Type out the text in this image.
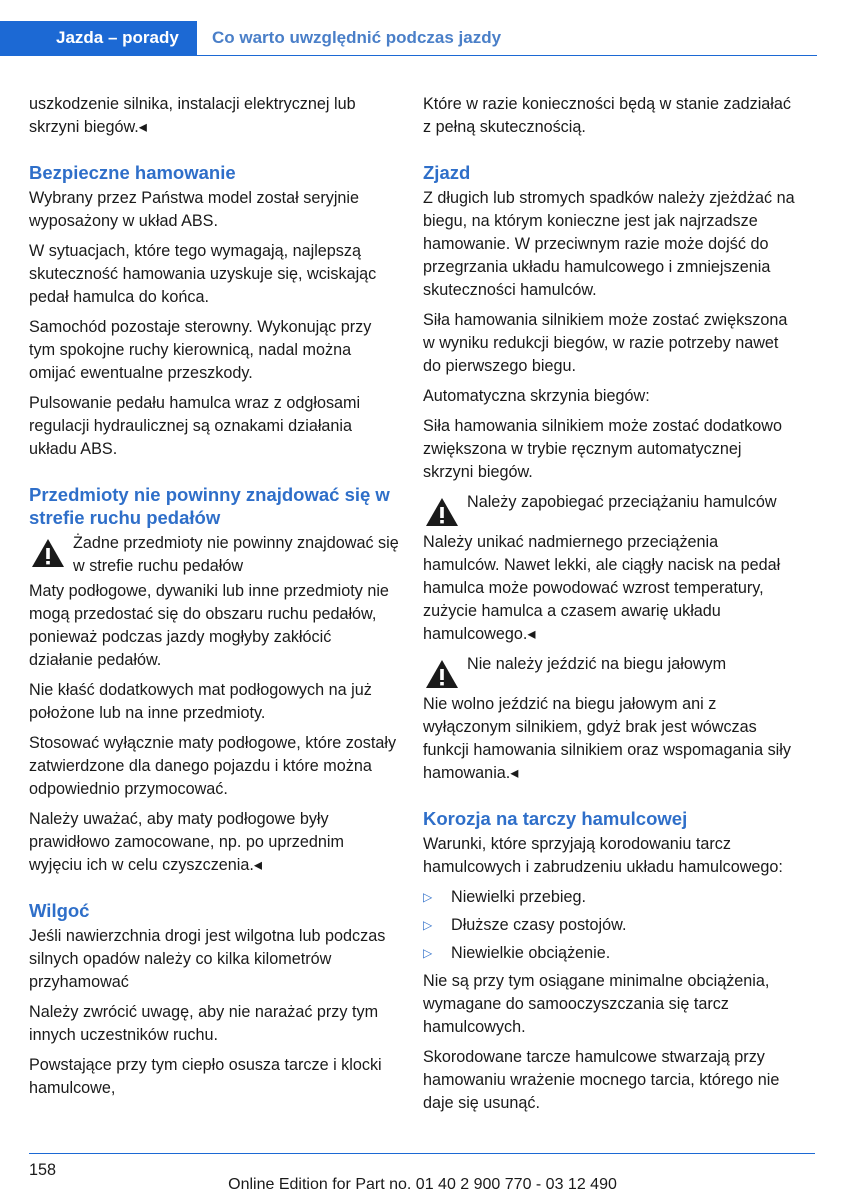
Jazda – porady Co warto uwzględnić podczas jazdy

uszkodzenie silnika, instalacji elektrycznej lub skrzyni biegów.◂

Bezpieczne hamowanie

Wybrany przez Państwa model został seryjnie wyposażony w układ ABS.

W sytuacjach, które tego wymagają, najlepszą skuteczność hamowania uzyskuje się, wciskając pedał hamulca do końca.

Samochód pozostaje sterowny. Wykonując przy tym spokojne ruchy kierownicą, nadal można omijać ewentualne przeszkody.

Pulsowanie pedału hamulca wraz z odgłosami regulacji hydraulicznej są oznakami działania układu ABS.

Przedmioty nie powinny znajdować się w strefie ruchu pedałów

Żadne przedmioty nie powinny znajdować się w strefie ruchu pedałów

Maty podłogowe, dywaniki lub inne przedmioty nie mogą przedostać się do obszaru ruchu pedałów, ponieważ podczas jazdy mogłyby zakłócić działanie pedałów.

Nie kłaść dodatkowych mat podłogowych na już położone lub na inne przedmioty.

Stosować wyłącznie maty podłogowe, które zostały zatwierdzone dla danego pojazdu i które można odpowiednio przymocować.

Należy uważać, aby maty podłogowe były prawidłowo zamocowane, np. po uprzednim wyjęciu ich w celu czyszczenia.◂

Wilgoć

Jeśli nawierzchnia drogi jest wilgotna lub podczas silnych opadów należy co kilka kilometrów przyhamować

Należy zwrócić uwagę, aby nie narażać przy tym innych uczestników ruchu.

Powstające przy tym ciepło osusza tarcze i klocki hamulcowe,

Które w razie konieczności będą w stanie zadziałać z pełną skutecznością.

Zjazd

Z długich lub stromych spadków należy zjeżdżać na biegu, na którym konieczne jest jak najrzadsze hamowanie. W przeciwnym razie może dojść do przegrzania układu hamulcowego i zmniejszenia skuteczności hamulców.

Siła hamowania silnikiem może zostać zwiększona w wyniku redukcji biegów, w razie potrzeby nawet do pierwszego biegu.

Automatyczna skrzynia biegów:

Siła hamowania silnikiem może zostać dodatkowo zwiększona w trybie ręcznym automatycznej skrzyni biegów.

Należy zapobiegać przeciążaniu hamulców

Należy unikać nadmiernego przeciążenia hamulców. Nawet lekki, ale ciągły nacisk na pedał hamulca może powodować wzrost temperatury, zużycie hamulca a czasem awarię układu hamulcowego.◂

Nie należy jeździć na biegu jałowym

Nie wolno jeździć na biegu jałowym ani z wyłączonym silnikiem, gdyż brak jest wówczas funkcji hamowania silnikiem oraz wspomagania siły hamowania.◂

Korozja na tarczy hamulcowej

Warunki, które sprzyjają korodowaniu tarcz hamulcowych i zabrudzeniu układu hamulcowego:

▷	Niewielki przebieg.
▷	Dłuższe czasy postojów.
▷	Niewielkie obciążenie.

Nie są przy tym osiągane minimalne obciążenia, wymagane do samooczyszczania się tarcz hamulcowych.

Skorodowane tarcze hamulcowe stwarzają przy hamowaniu wrażenie mocnego tarcia, którego nie daje się usunąć.

158
Online Edition for Part no. 01 40 2 900 770 - 03 12 490
